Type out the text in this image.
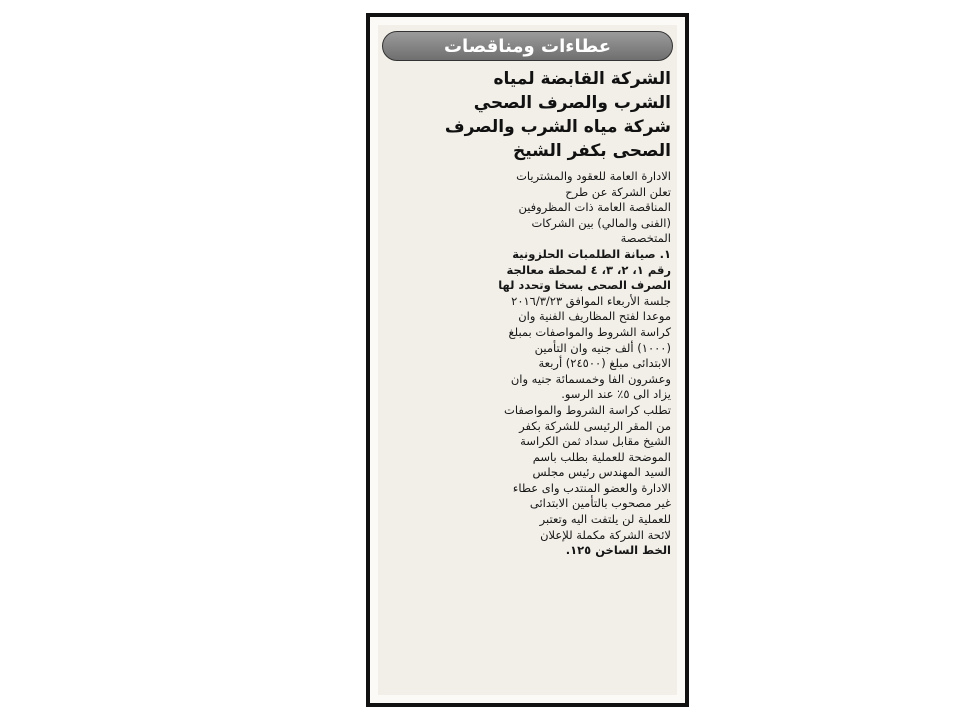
عطاءات ومناقصات
الشركة القابضة لمياه
الشرب والصرف الصحي
شركة مياه الشرب والصرف
الصحى بكفر الشيخ

الادارة العامة للعقود والمشتريات

تعلن الشركة عن طرح

المناقصة العامة ذات المظروفين

(الفنى والمالي) بين الشركات

المتخصصة

١. صيانة الطلمبات الحلزونية

رقم ١، ٢، ٣، ٤ لمحطة معالجة

الصرف الصحى بسخا وتحدد لها

جلسة الأربعاء الموافق ٢٠١٦/٣/٢٣

موعدا لفتح المظاريف الفنية وان

كراسة الشروط والمواصفات بمبلغ

(١٠٠٠) ألف جنيه وان التأمين

الابتدائى مبلغ (٢٤٥٠٠) أربعة

وعشرون الفا وخمسمائة جنيه وان

يزاد الى ٥٪ عند الرسو.

تطلب كراسة الشروط والمواصفات

من المقر الرئيسى للشركة بكفر

الشيخ مقابل سداد ثمن الكراسة

الموضحة للعملية بطلب باسم

السيد المهندس رئيس مجلس

الادارة والعضو المنتدب واى عطاء

غير مصحوب بالتأمين الابتدائى

للعملية لن يلتفت اليه وتعتبر

لائحة الشركة مكملة للإعلان

الخط الساخن ١٢٥.
